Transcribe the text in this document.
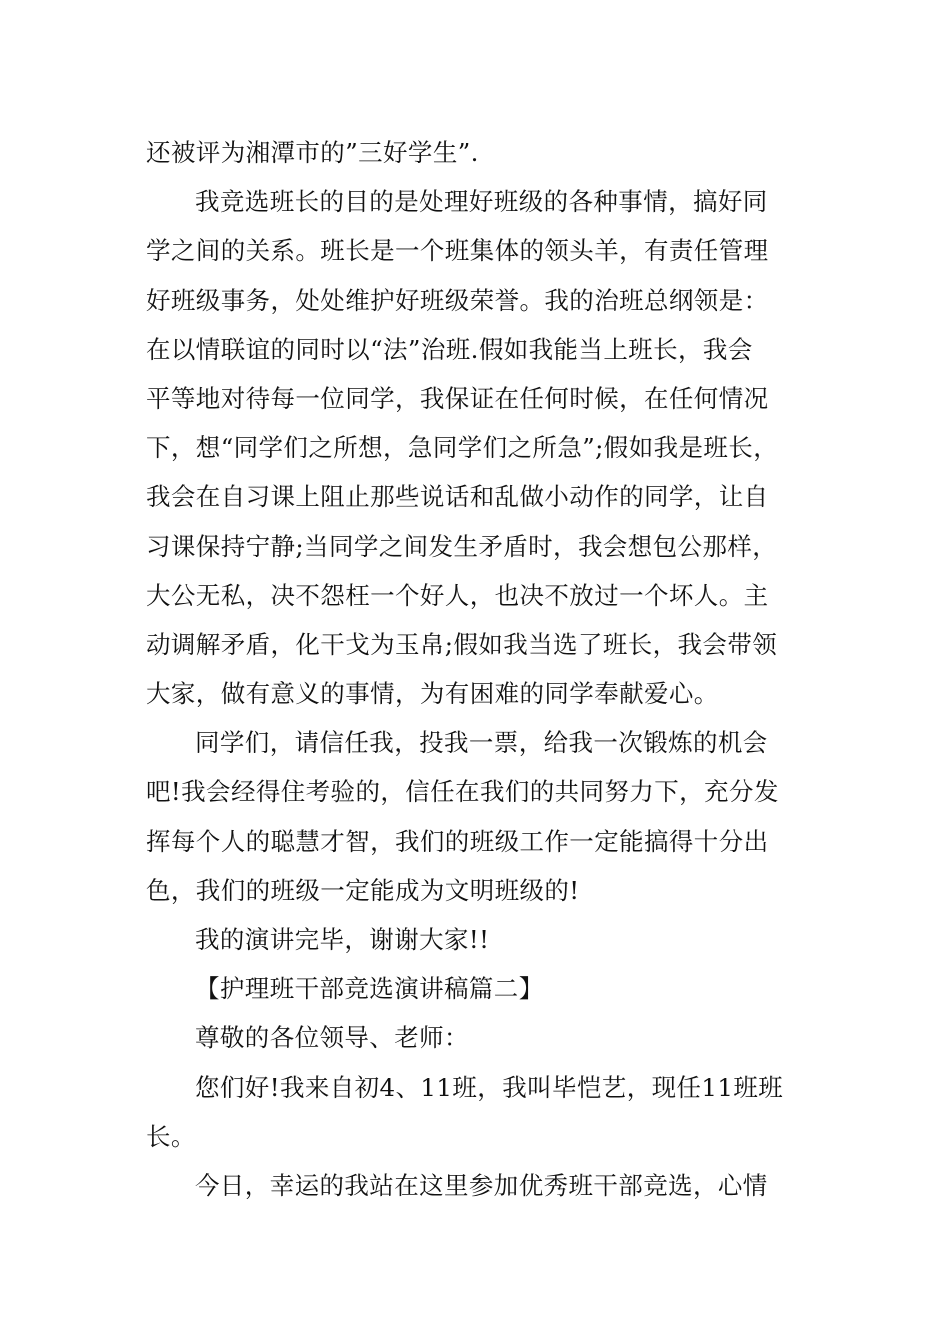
还被评为湘潭市的”三好学生”.
我竞选班长的目的是处理好班级的各种事情，搞好同
学之间的关系。班长是一个班集体的领头羊，有责任管理
好班级事务，处处维护好班级荣誉。我的治班总纲领是：
在以情联谊的同时以“法”治班.假如我能当上班长，我会
平等地对待每一位同学，我保证在任何时候，在任何情况
下，想“同学们之所想，急同学们之所急”;假如我是班长，
我会在自习课上阻止那些说话和乱做小动作的同学，让自
习课保持宁静;当同学之间发生矛盾时，我会想包公那样，
大公无私，决不怨枉一个好人，也决不放过一个坏人。主
动调解矛盾，化干戈为玉帛;假如我当选了班长，我会带领
大家，做有意义的事情，为有困难的同学奉献爱心。
同学们，请信任我，投我一票，给我一次锻炼的机会
吧!我会经得住考验的，信任在我们的共同努力下，充分发
挥每个人的聪慧才智，我们的班级工作一定能搞得十分出
色，我们的班级一定能成为文明班级的!
我的演讲完毕，谢谢大家!!
【护理班干部竞选演讲稿篇二】
尊敬的各位领导、老师：
您们好!我来自初4、11班，我叫毕恺艺，现任11班班
长。
今日，幸运的我站在这里参加优秀班干部竞选，心情
